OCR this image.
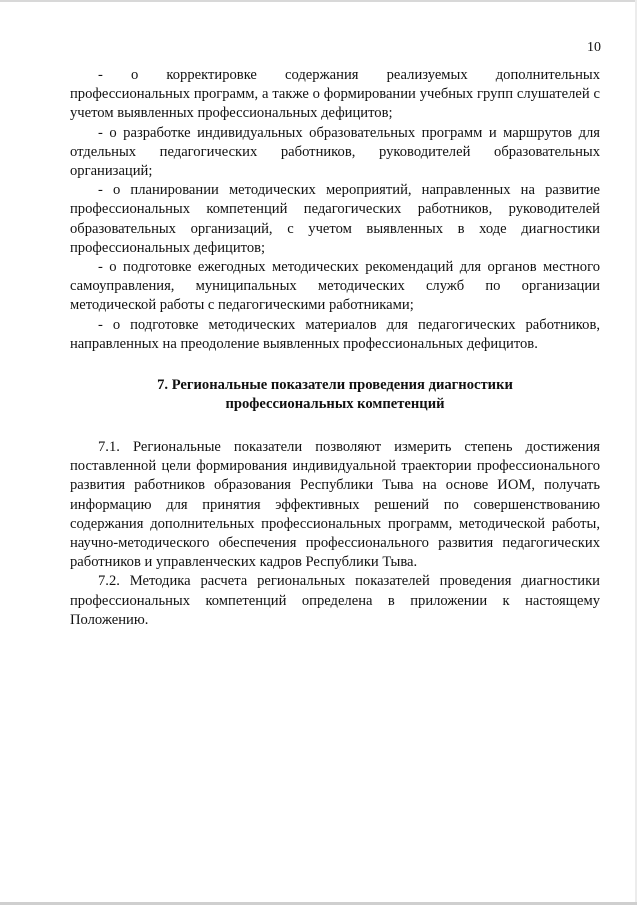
10

- о корректировке содержания реализуемых дополнительных профессиональных программ, а также о формировании учебных групп слушателей с учетом выявленных профессиональных дефицитов;

- о разработке индивидуальных образовательных программ и маршрутов для отдельных педагогических работников, руководителей образовательных организаций;

- о планировании методических мероприятий, направленных на развитие профессиональных компетенций педагогических работников, руководителей образовательных организаций, с учетом выявленных в ходе диагностики профессиональных дефицитов;

- о подготовке ежегодных методических рекомендаций для органов местного самоуправления, муниципальных методических служб по организации методической работы с педагогическими работниками;

- о подготовке методических материалов для педагогических работников, направленных на преодоление выявленных профессиональных дефицитов.

7. Региональные показатели проведения диагностики
профессиональных компетенций

7.1. Региональные показатели позволяют измерить степень достижения поставленной цели формирования индивидуальной траектории профессионального развития работников образования Республики Тыва на основе ИОМ, получать информацию для принятия эффективных решений по совершенствованию содержания дополнительных профессиональных программ, методической работы, научно-методического обеспечения профессионального развития педагогических работников и управленческих кадров Республики Тыва.

7.2. Методика расчета региональных показателей проведения диагностики профессиональных компетенций определена в приложении к настоящему Положению.
